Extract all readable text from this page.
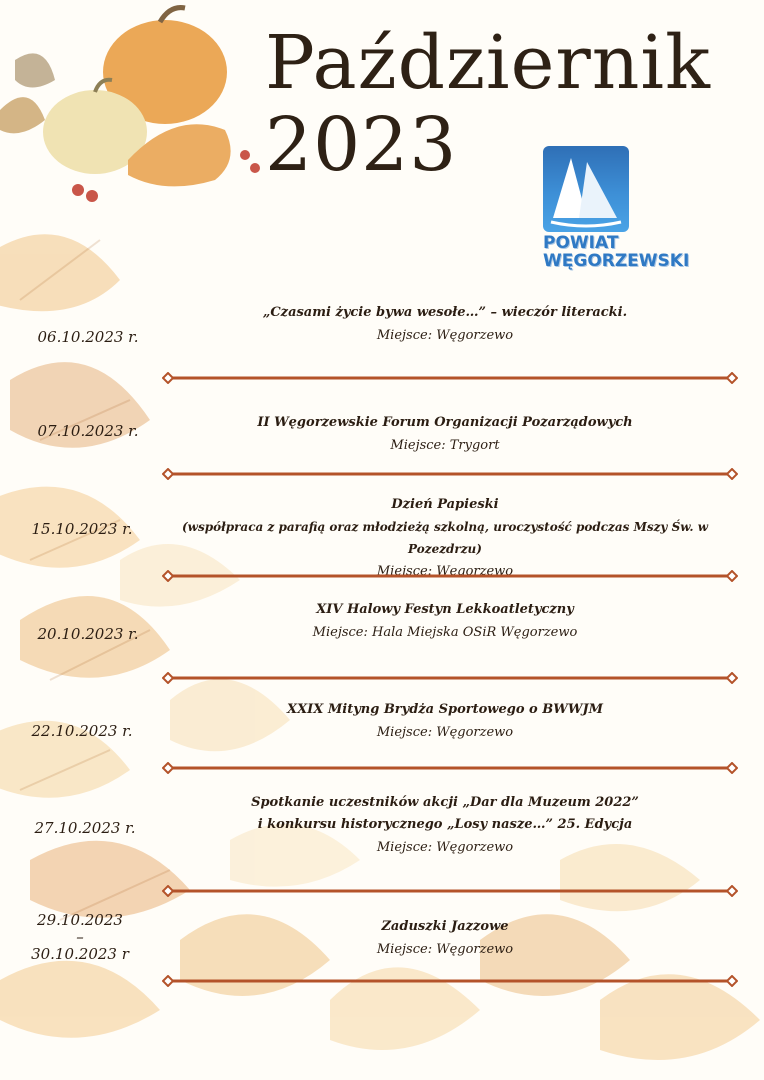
Październik
2023
POWIAT
WĘGORZEWSKI
06.10.2023 r.
„Czasami życie bywa wesołe…” – wieczór literacki.
Miejsce: Węgorzewo
07.10.2023 r.	II Węgorzewskie Forum Organizacji Pozarządowych
Miejsce: Trygort
15.10.2023 r.
Dzień Papieski
(współpraca z parafią oraz młodzieżą szkolną, uroczystość podczas Mszy Św. w Pozezdrzu)
Miejsce: Węgorzewo
20.10.2023 r.
XIV Halowy Festyn Lekkoatletyczny
Miejsce: Hala Miejska OSiR Węgorzewo
22.10.2023 r.
XXIX Mityng Brydża Sportowego o BWWJM
Miejsce: Węgorzewo
27.10.2023 r.
Spotkanie uczestników akcji „Dar dla Muzeum 2022”
i konkursu historycznego „Losy nasze…” 25. Edycja
Miejsce: Węgorzewo
29.10.2023
–
30.10.2023 r
Zaduszki Jazzowe
Miejsce: Węgorzewo
